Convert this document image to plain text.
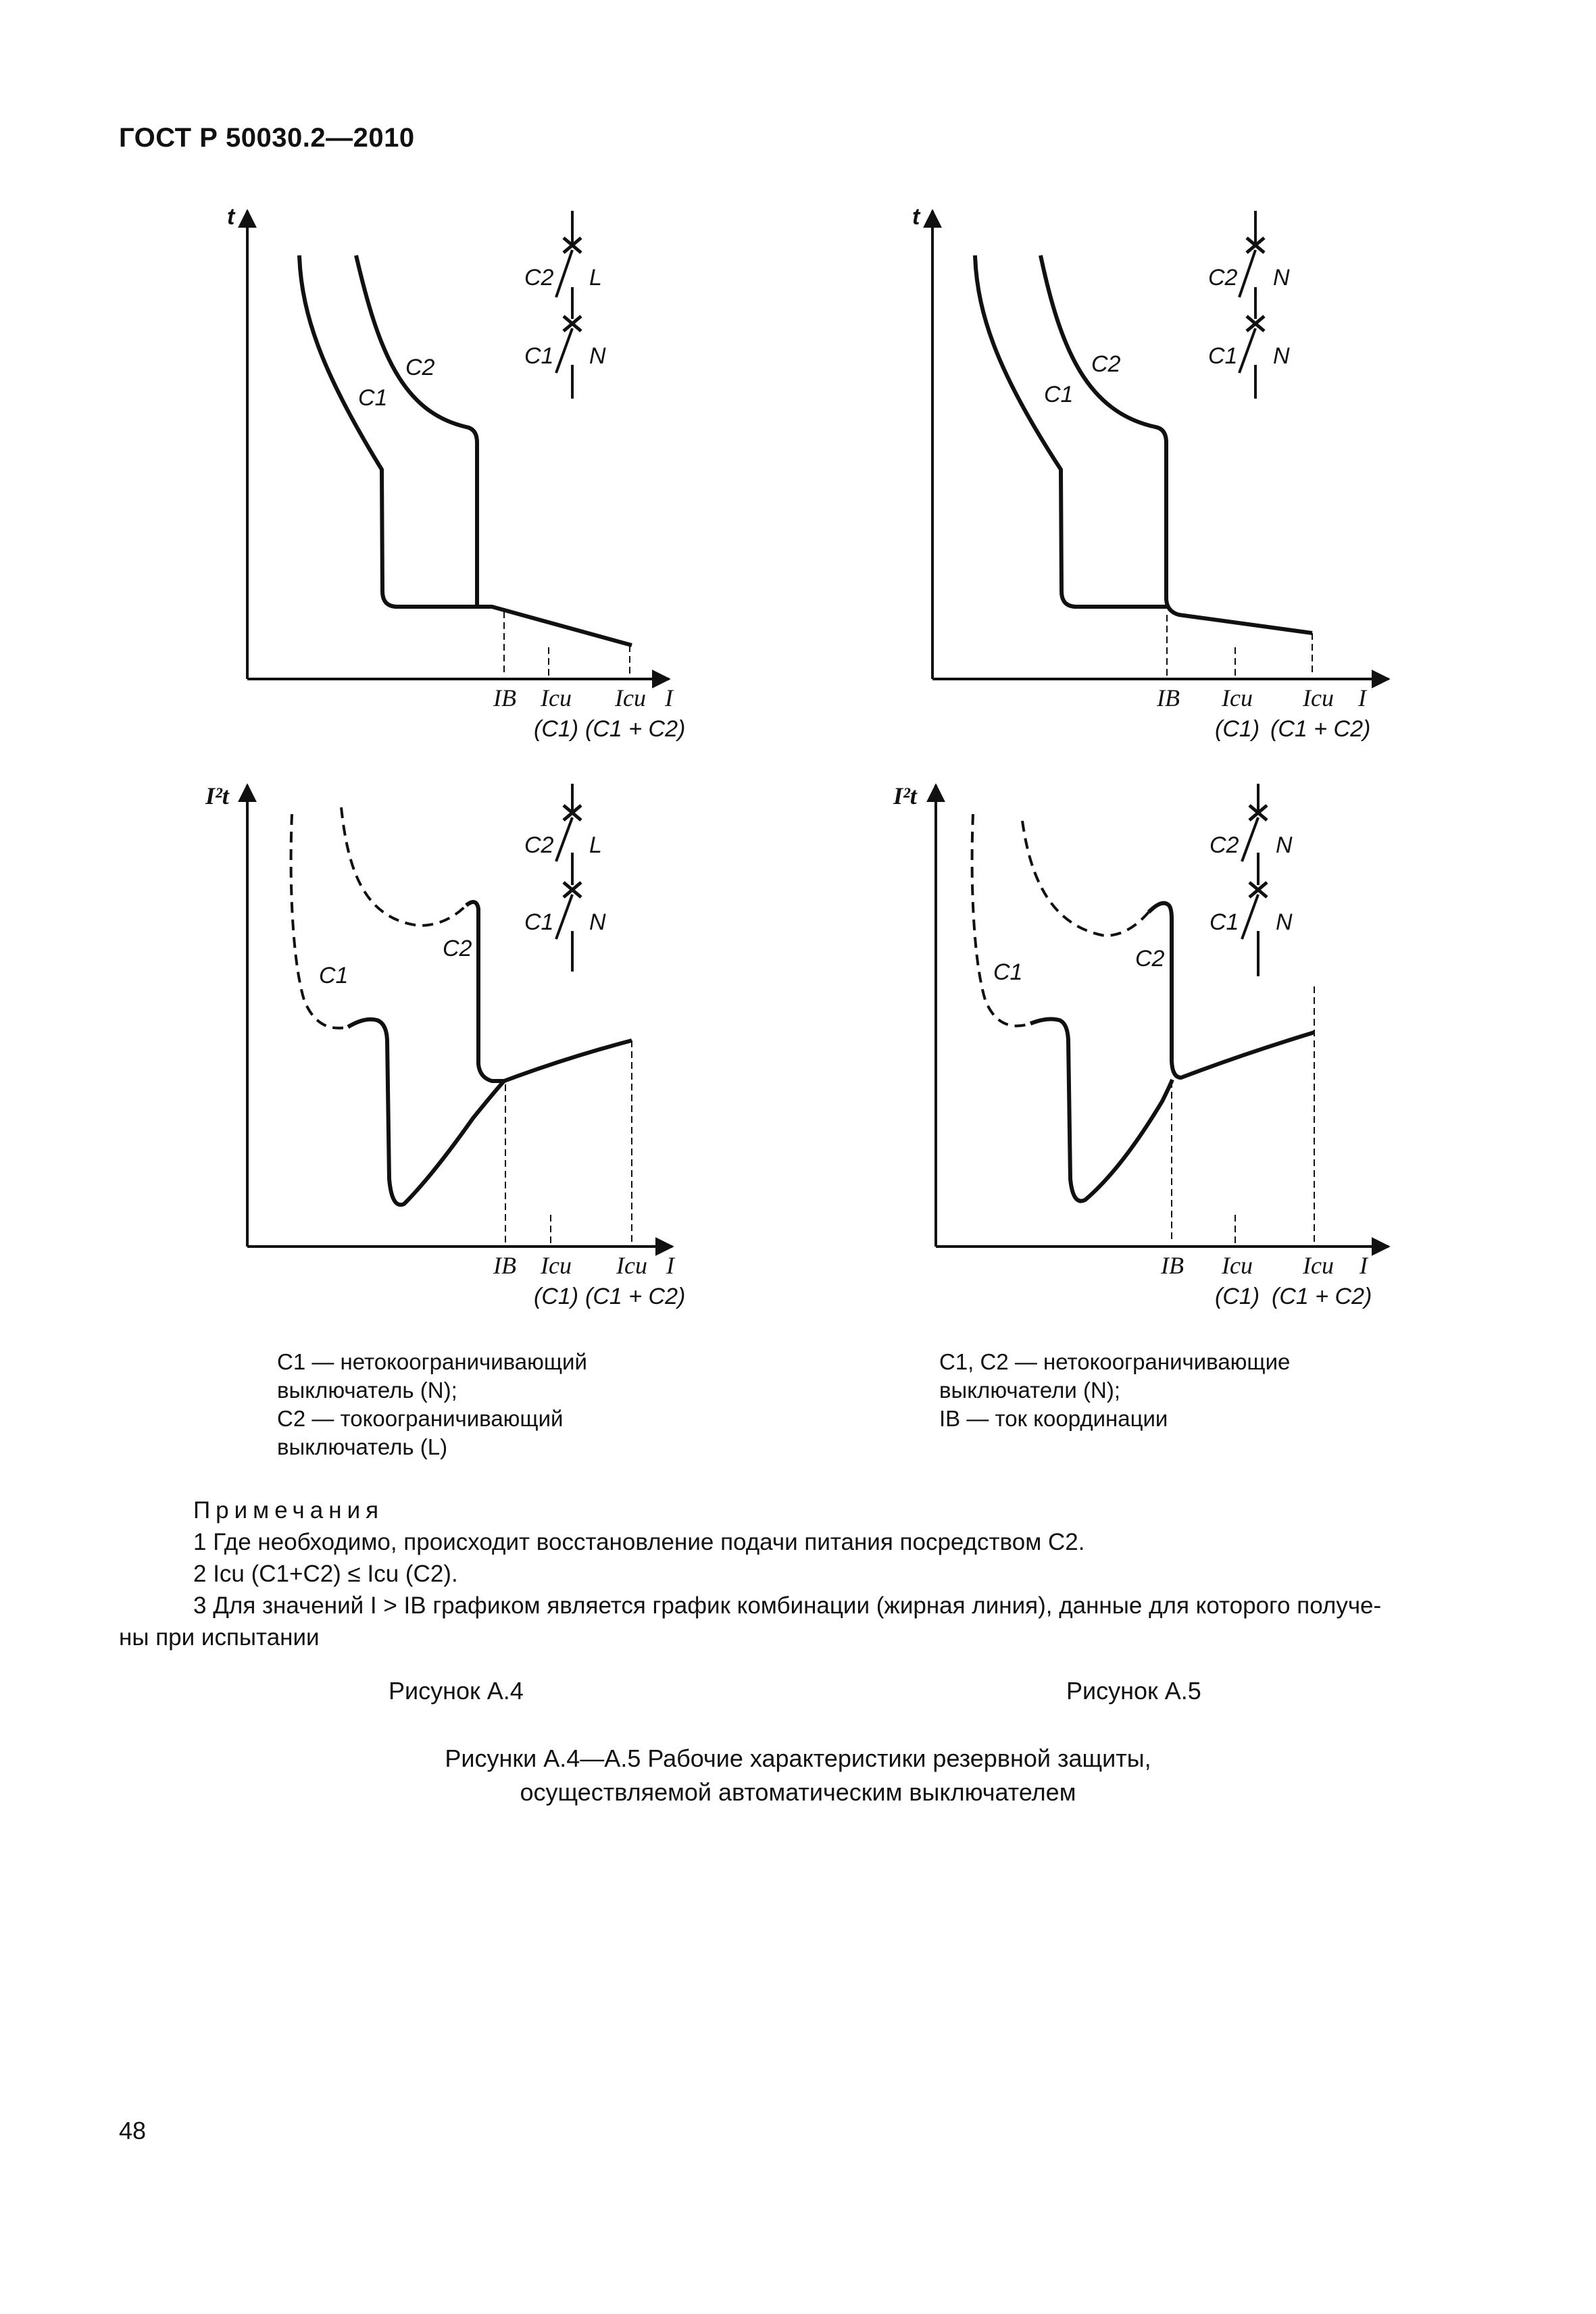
ГОСТ Р 50030.2—2010
t
C1
C2
IB Icu Icu I
(C1) (C1 + C2)
C2 L
C1 N
t
C1
C2
IB Icu Icu I
(C1) (C1 + C2)
C2 N
C1 N
I²t
C1
C2
IB Icu Icu I
(C1) (C1 + C2)
C2 L
C1 N
I²t
C1
C2
IB Icu Icu I
(C1) (C1 + C2)
C2 N
C1 N
C1 — нетокоограничивающий
выключатель (N);
C2 — токоограничивающий
выключатель (L)
C1, C2 — нетокоограничивающие
выключатели (N);
IB — ток координации
Примечания
1 Где необходимо, происходит восстановление подачи питания посредством C2.
2 Icu (C1+C2) ≤ Icu (C2).
3 Для значений I > IB графиком является график комбинации (жирная линия), данные для которого получе-
ны при испытании
Рисунок А.4	Рисунок А.5
Рисунки А.4—А.5 Рабочие характеристики резервной защиты,
осуществляемой автоматическим выключателем
48
